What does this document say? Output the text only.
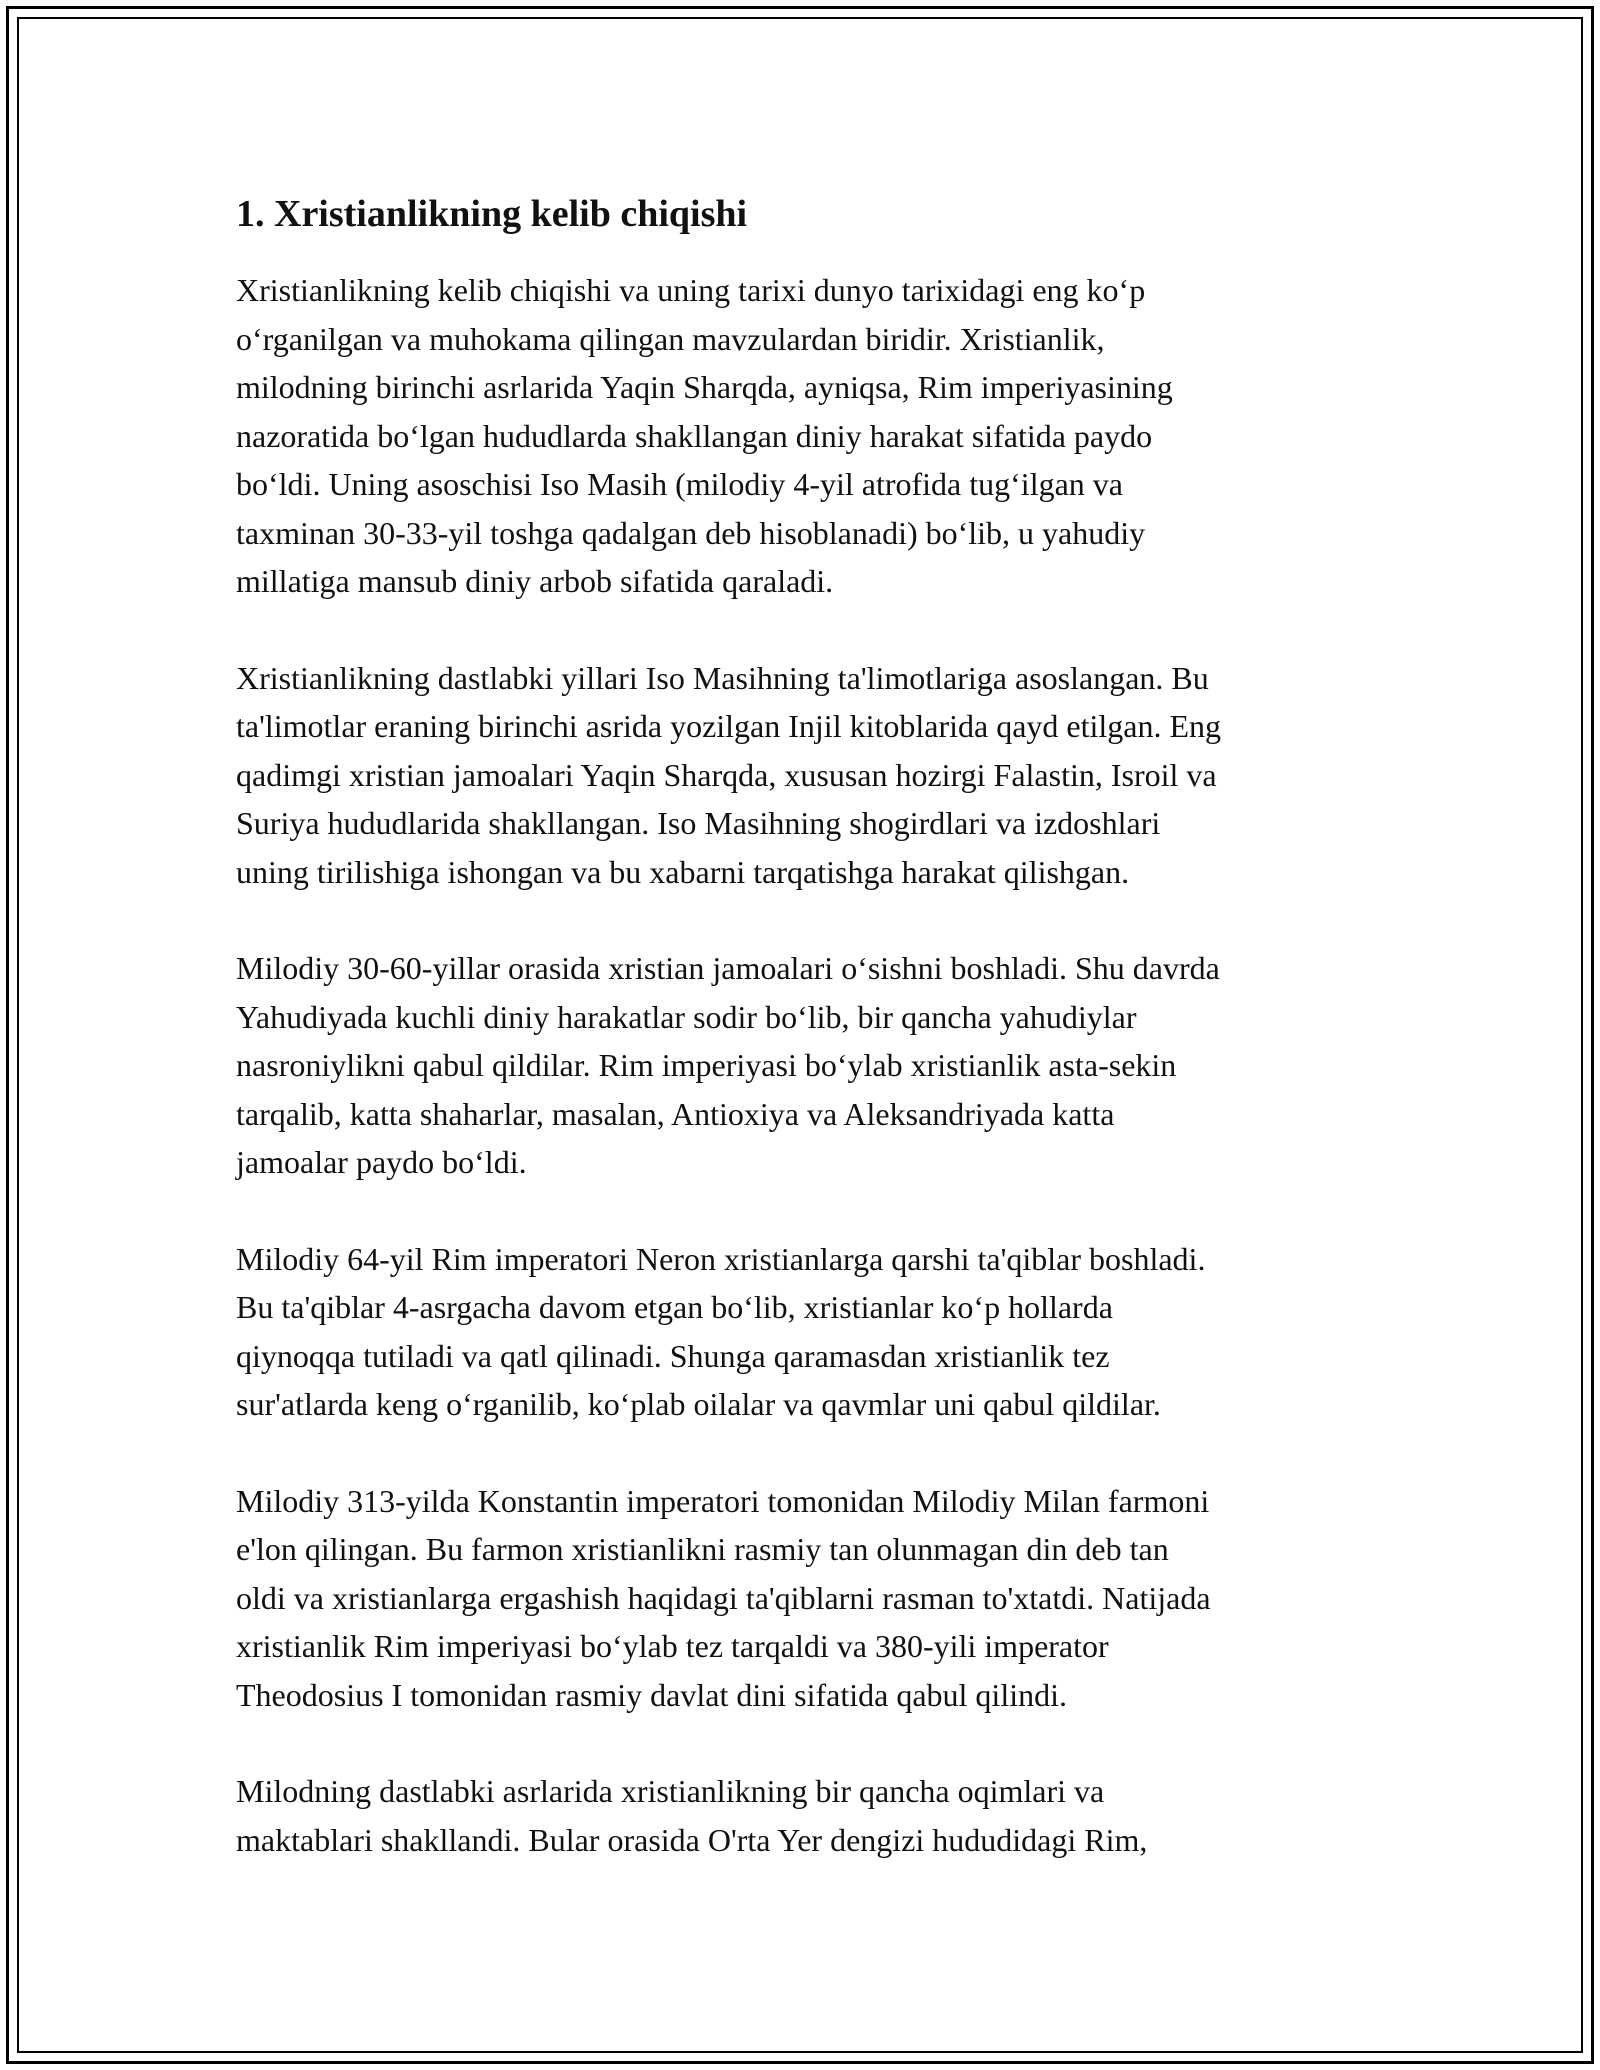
1. Xristianlikning kelib chiqishi

Xristianlikning kelib chiqishi va uning tarixi dunyo tarixidagi eng ko‘p
o‘rganilgan va muhokama qilingan mavzulardan biridir. Xristianlik,
milodning birinchi asrlarida Yaqin Sharqda, ayniqsa, Rim imperiyasining
nazoratida bo‘lgan hududlarda shakllangan diniy harakat sifatida paydo
bo‘ldi. Uning asoschisi Iso Masih (milodiy 4-yil atrofida tug‘ilgan va
taxminan 30-33-yil toshga qadalgan deb hisoblanadi) bo‘lib, u yahudiy
millatiga mansub diniy arbob sifatida qaraladi.

Xristianlikning dastlabki yillari Iso Masihning ta'limotlariga asoslangan. Bu
ta'limotlar eraning birinchi asrida yozilgan Injil kitoblarida qayd etilgan. Eng
qadimgi xristian jamoalari Yaqin Sharqda, xususan hozirgi Falastin, Isroil va
Suriya hududlarida shakllangan. Iso Masihning shogirdlari va izdoshlari
uning tirilishiga ishongan va bu xabarni tarqatishga harakat qilishgan.

Milodiy 30-60-yillar orasida xristian jamoalari o‘sishni boshladi. Shu davrda
Yahudiyada kuchli diniy harakatlar sodir bo‘lib, bir qancha yahudiylar
nasroniylikni qabul qildilar. Rim imperiyasi bo‘ylab xristianlik asta-sekin
tarqalib, katta shaharlar, masalan, Antioxiya va Aleksandriyada katta
jamoalar paydo bo‘ldi.

Milodiy 64-yil Rim imperatori Neron xristianlarga qarshi ta'qiblar boshladi.
Bu ta'qiblar 4-asrgacha davom etgan bo‘lib, xristianlar ko‘p hollarda
qiynoqqa tutiladi va qatl qilinadi. Shunga qaramasdan xristianlik tez
sur'atlarda keng o‘rganilib, ko‘plab oilalar va qavmlar uni qabul qildilar.

Milodiy 313-yilda Konstantin imperatori tomonidan Milodiy Milan farmoni
e'lon qilingan. Bu farmon xristianlikni rasmiy tan olunmagan din deb tan
oldi va xristianlarga ergashish haqidagi ta'qiblarni rasman to'xtatdi. Natijada
xristianlik Rim imperiyasi bo‘ylab tez tarqaldi va 380-yili imperator
Theodosius I tomonidan rasmiy davlat dini sifatida qabul qilindi.

Milodning dastlabki asrlarida xristianlikning bir qancha oqimlari va
maktablari shakllandi. Bular orasida O'rta Yer dengizi hududidagi Rim,
